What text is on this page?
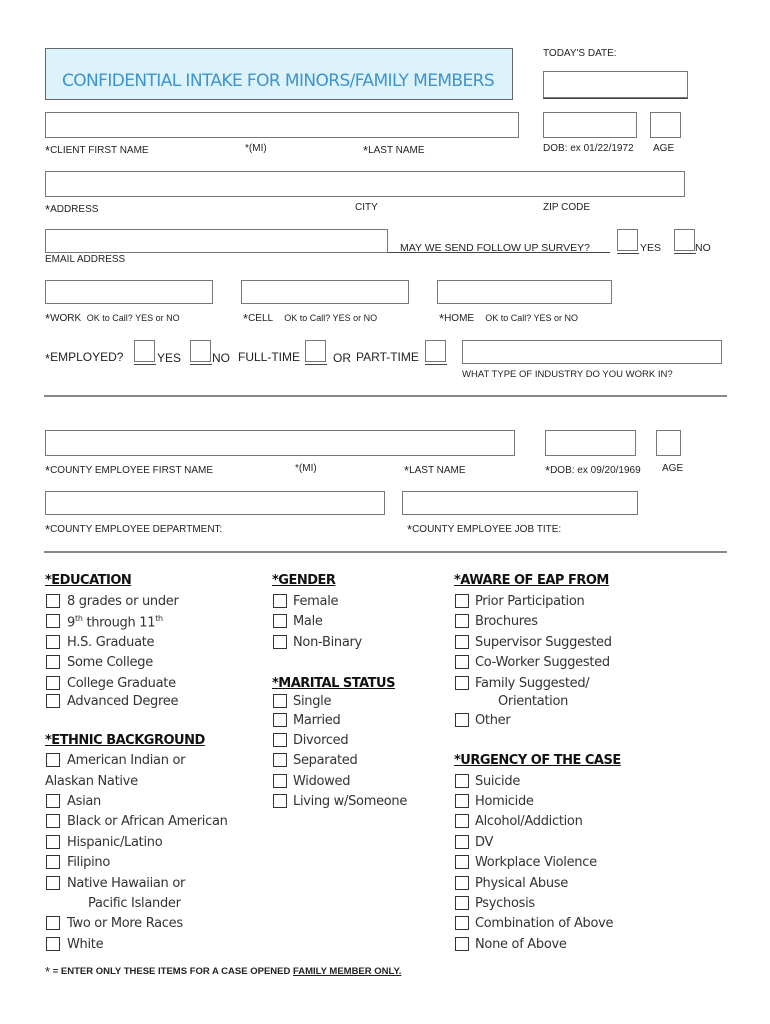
CONFIDENTIAL INTAKE FOR MINORS/FAMILY MEMBERS
TODAY'S DATE:
*CLIENT FIRST NAME	*(MI)	*LAST NAME	DOB: ex 01/22/1972 AGE
*ADDRESS	CITY	ZIP CODE
EMAIL ADDRESS
MAY WE SEND FOLLOW UP SURVEY?	YES	NO
*WORK OK to Call? YES or NO	*CELL OK to Call? YES or NO	*HOME OK to Call? YES or NO
*EMPLOYED?	YES	NO FULL-TIME	OR PART-TIME
WHAT TYPE OF INDUSTRY DO YOU WORK IN?
*COUNTY EMPLOYEE FIRST NAME	*(MI)	*LAST NAME	*DOB: ex 09/20/1969 AGE
*COUNTY EMPLOYEE DEPARTMENT:	*COUNTY EMPLOYEE JOB TITE:
*EDUCATION
8 grades or under
9th through 11th
H.S. Graduate
Some College
College Graduate
Advanced Degree
*ETHNIC BACKGROUND
American Indian or
Alaskan Native
Asian
Black or African American
Hispanic/Latino
Filipino
Native Hawaiian or
Pacific Islander
Two or More Races
White
*GENDER
Female
Male
Non-Binary
*MARITAL STATUS
Single
Married
Divorced
Separated
Widowed
Living w/Someone
*AWARE OF EAP FROM
Prior Participation
Brochures
Supervisor Suggested
Co-Worker Suggested
Family Suggested/
Orientation
Other
*URGENCY OF THE CASE
Suicide
Homicide
Alcohol/Addiction
DV
Workplace Violence
Physical Abuse
Psychosis
Combination of Above
None of Above
* = ENTER ONLY THESE ITEMS FOR A CASE OPENED FAMILY MEMBER ONLY.
